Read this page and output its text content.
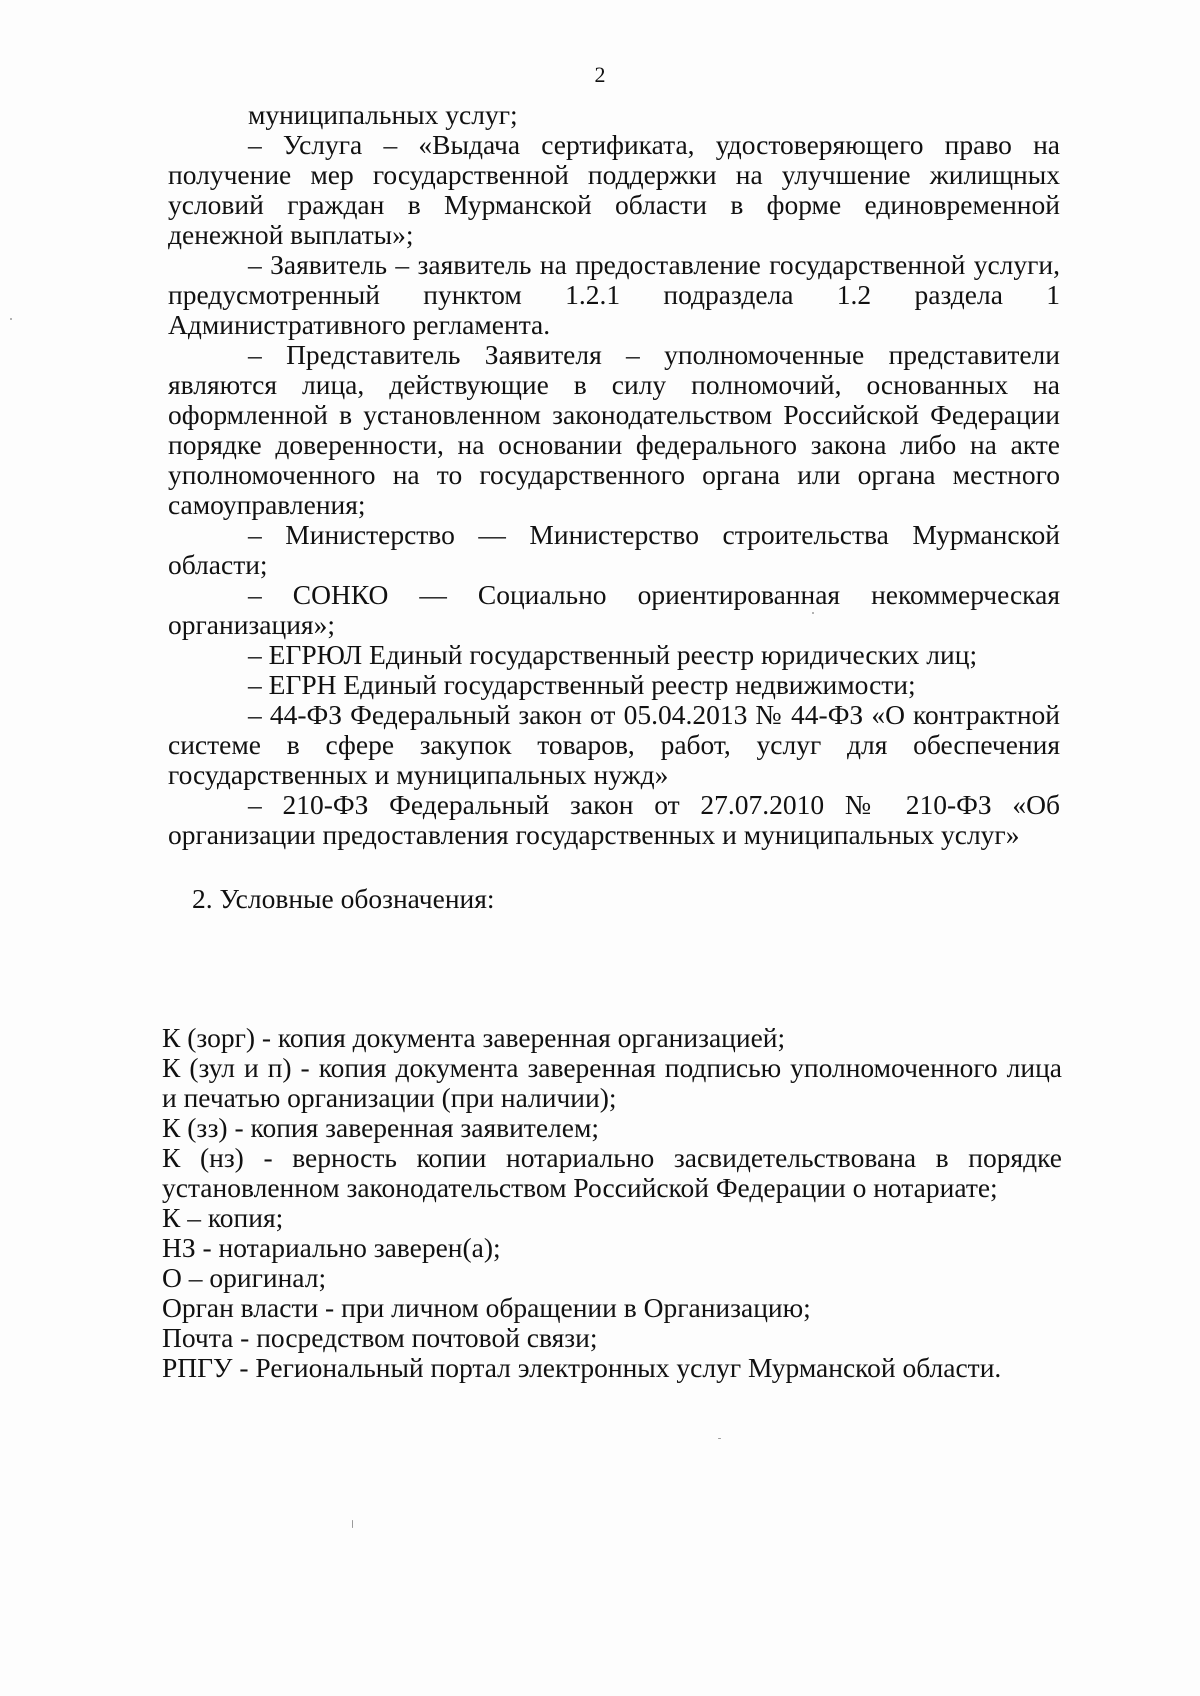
2

муниципальных услуг;

– Услуга – «Выдача сертификата, удостоверяющего право на получение мер государственной поддержки на улучшение жилищных условий граждан в Мурманской области в форме единовременной денежной выплаты»;

– Заявитель – заявитель на предоставление государственной услуги, предусмотренный пунктом 1.2.1 подраздела 1.2 раздела 1 Административного регламента.

– Представитель Заявителя – уполномоченные представители являются лица, действующие в силу полномочий, основанных на оформленной в установленном законодательством Российской Федерации порядке доверенности, на основании федерального закона либо на акте уполномоченного на то государственного органа или органа местного самоуправления;

– Министерство — Министерство строительства Мурманской области;

– СОНКО — Социально ориентированная некоммерческая организация»;

– ЕГРЮЛ Единый государственный реестр юридических лиц;

– ЕГРН Единый государственный реестр недвижимости;

– 44-ФЗ Федеральный закон от 05.04.2013 № 44-ФЗ «О контрактной системе в сфере закупок товаров, работ, услуг для обеспечения государственных и муниципальных нужд»

– 210-ФЗ Федеральный закон от 27.07.2010 № 210-ФЗ «Об организации предоставления государственных и муниципальных услуг»

2. Условные обозначения:

К (зорг) - копия документа заверенная организацией;

К (зул и п) - копия документа заверенная подписью уполномоченного лица и печатью организации (при наличии);

К (зз) - копия заверенная заявителем;

К (нз) - верность копии нотариально засвидетельствована в порядке установленном законодательством Российской Федерации о нотариате;

К – копия;

НЗ - нотариально заверен(а);

О – оригинал;

Орган власти - при личном обращении в Организацию;

Почта - посредством почтовой связи;

РПГУ - Региональный портал электронных услуг Мурманской области.
